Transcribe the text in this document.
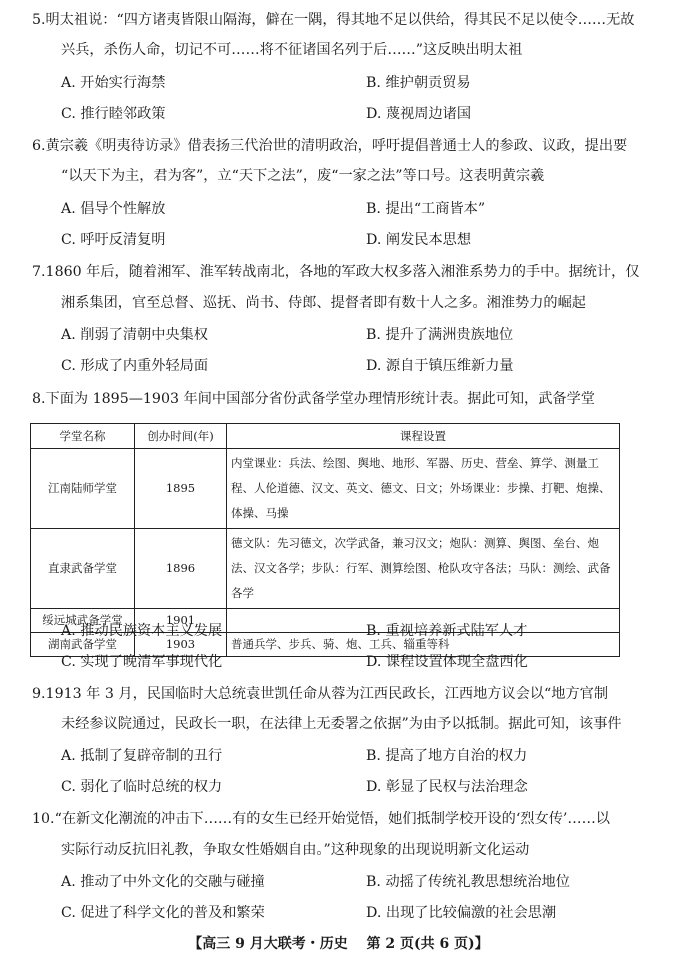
5.明太祖说：“四方诸夷皆限山隔海，僻在一隅，得其地不足以供给，得其民不足以使令……无故
兴兵，杀伤人命，切记不可……将不征诸国名列于后……”这反映出明太祖
A. 开始实行海禁	B. 维护朝贡贸易
C. 推行睦邻政策	D. 蔑视周边诸国
6.黄宗羲《明夷待访录》借表扬三代治世的清明政治，呼吁提倡普通士人的参政、议政，提出要
“以天下为主，君为客”，立“天下之法”，废“一家之法”等口号。这表明黄宗羲
A. 倡导个性解放	B. 提出“工商皆本”
C. 呼吁反清复明	D. 阐发民本思想
7.1860 年后，随着湘军、淮军转战南北，各地的军政大权多落入湘淮系势力的手中。据统计，仅
湘系集团，官至总督、巡抚、尚书、侍郎、提督者即有数十人之多。湘淮势力的崛起
A. 削弱了清朝中央集权	B. 提升了满洲贵族地位
C. 形成了内重外轻局面	D. 源自于镇压维新力量
8.下面为 1895—1903 年间中国部分省份武备学堂办理情形统计表。据此可知，武备学堂
学堂名称	创办时间(年)	课程设置
江南陆师学堂	1895	内堂课业：兵法、绘图、舆地、地形、军器、历史、营垒、算学、测量工程、人伦道德、汉文、英文、德文、日文；外场课业：步操、打靶、炮操、体操、马操
直隶武备学堂	1896	德文队：先习德文，次学武备，兼习汉文；炮队：测算、舆图、垒台、炮法、汉文各学；步队：行军、测算绘图、枪队攻守各法；马队：测绘、武备各学
绥远城武备学堂	1901	
湖南武备学堂	1903	普通兵学、步兵、骑、炮、工兵、辎重等科
A. 推动民族资本主义发展	B. 重视培养新式陆军人才
C. 实现了晚清军事现代化	D. 课程设置体现全盘西化
9.1913 年 3 月，民国临时大总统袁世凯任命从蓉为江西民政长，江西地方议会以“地方官制
未经参议院通过，民政长一职，在法律上无委署之依据”为由予以抵制。据此可知，该事件
A. 抵制了复辟帝制的丑行	B. 提高了地方自治的权力
C. 弱化了临时总统的权力	D. 彰显了民权与法治理念
10.“在新文化潮流的冲击下……有的女生已经开始觉悟，她们抵制学校开设的‘烈女传’……以
实际行动反抗旧礼教，争取女性婚姻自由。”这种现象的出现说明新文化运动
A. 推动了中外文化的交融与碰撞	B. 动摇了传统礼教思想统治地位
C. 促进了科学文化的普及和繁荣	D. 出现了比较偏激的社会思潮
【高三 9 月大联考・历史 第 2 页(共 6 页)】
